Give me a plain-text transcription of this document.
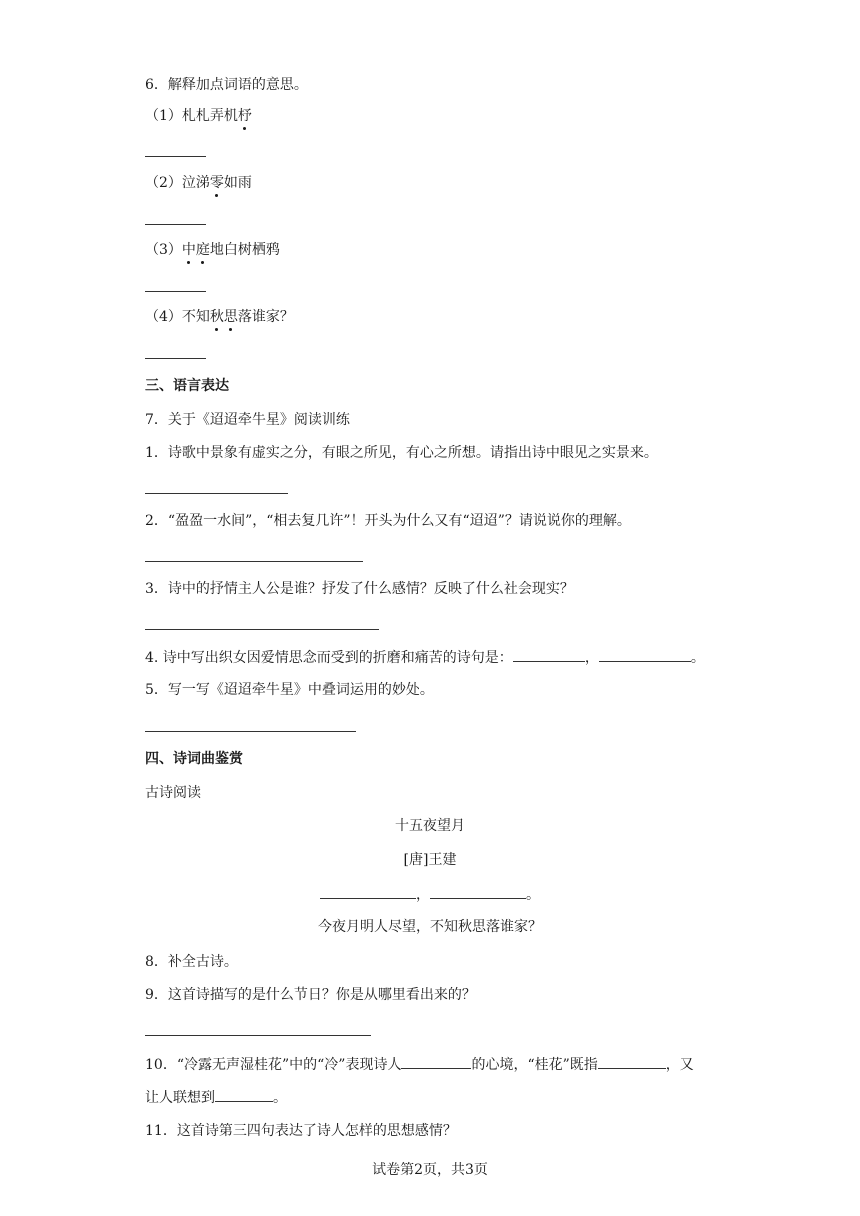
6．解释加点词语的意思。
（1）札札弄机杼
（2）泣涕零如雨
（3）中庭地白树栖鸦
（4）不知秋思落谁家？
三、语言表达
7．关于《迢迢牵牛星》阅读训练
1．诗歌中景象有虚实之分，有眼之所见，有心之所想。请指出诗中眼见之实景来。
2．“盈盈一水间”，“相去复几许”！开头为什么又有“迢迢”？请说说你的理解。
3．诗中的抒情主人公是谁？抒发了什么感情？反映了什么社会现实？
4. 诗中写出织女因爱情思念而受到的折磨和痛苦的诗句是：	，	。
5．写一写《迢迢牵牛星》中叠词运用的妙处。
四、诗词曲鉴赏
古诗阅读
十五夜望月
[唐]王建
，	。
今夜月明人尽望，不知秋思落谁家？
8．补全古诗。
9．这首诗描写的是什么节日？你是从哪里看出来的？
10．“冷露无声湿桂花”中的“冷”表现诗人	的心境，“桂花”既指	，又
让人联想到	。
11．这首诗第三四句表达了诗人怎样的思想感情？
试卷第2页，共3页
